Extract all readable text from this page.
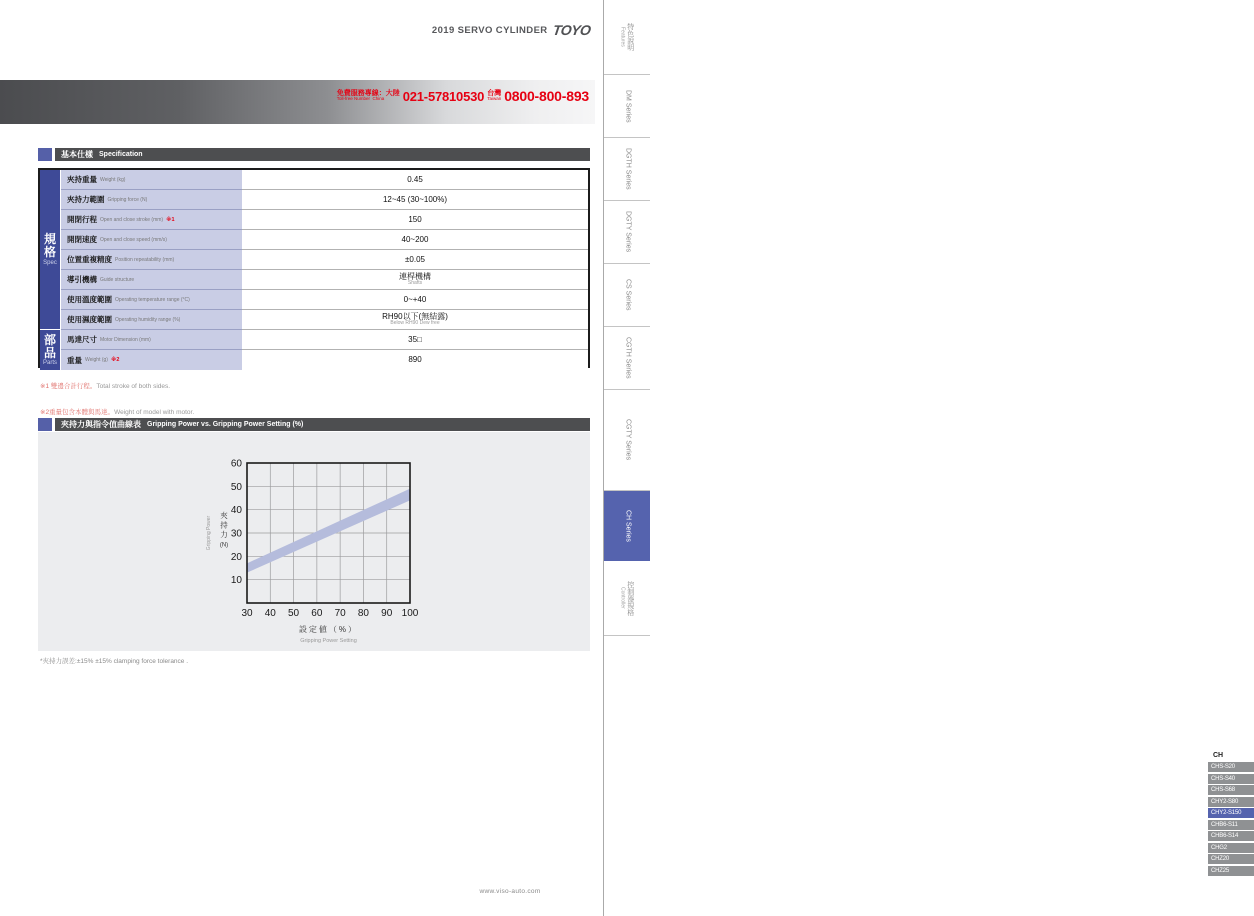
2019 SERVO CYLINDER TOYO
免費服務專線：大陸
Toll-free Number China 021-57810530 台灣
Taiwan 0800-800-893
基本仕樣 Specification
規格
Spec
部品
Parts
夾持重量 Weight (kg)	0.45
夾持力範圍 Gripping force (N)	12~45 (30~100%)
開閉行程 Open and close stroke (mm) ※1	150
開閉速度 Open and close speed (mm/s)	40~200
位置重複精度 Position repeatability (mm)	±0.05
導引機構 Guide structure	連桿機構
Shafts
使用溫度範圍 Operating temperature range (°C)	0~+40
使用濕度範圍 Operating humidity range (%)	RH90以下(無結露)
Below RH90 Dew free
馬達尺寸 Motor Dimension (mm)	35□
重量 Weight (g) ※2	890
※1 雙邊合計行程。Total stroke of both sides.
※2重量包含本體與馬達。Weight of model with motor.
夾持力與指令值曲線表 Gripping Power vs. Gripping Power Setting (%)
30 40 50 60 70 80 90 100
10
20
30
40
50
60
設定値（%）
Gripping Power Setting
Gripping Power
夾
持
力
(N)
*夾持力誤差:±15% ±15% clamping force tolerance .
www.viso-auto.com
特色說明
Features
DM Series
DGTH Series
DGTY Series
CS Series
CGTH Series
CGTY Series
CH Series
控制器規格
Controller
CH
CHS-S20
CHS-S40
CHS-S68
CHY2-S80
CHY2-S150
CHB6-S11
CHB6-S14
CHG2
CHZ20
CHZ25
